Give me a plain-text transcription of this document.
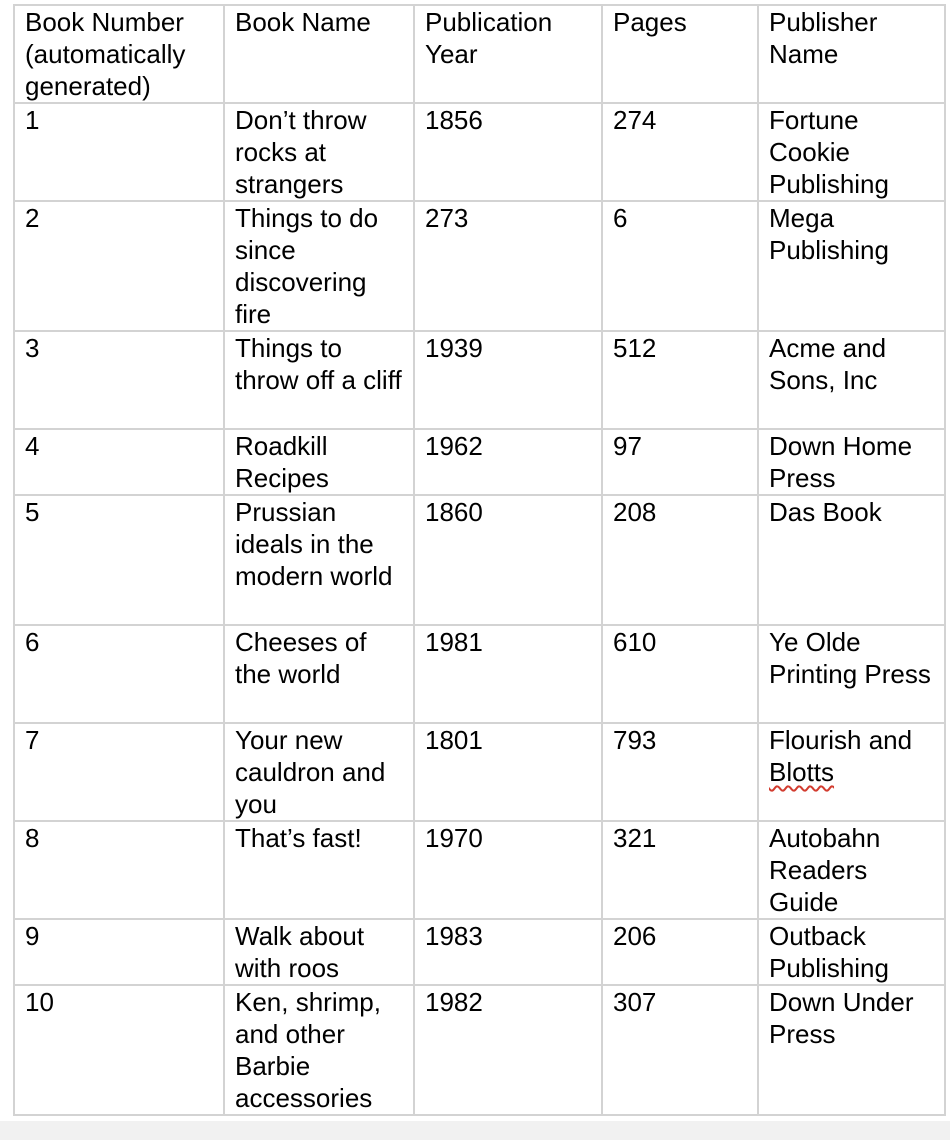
Book Number (automatically generated)	Book Name	Publication Year	Pages	Publisher Name
1	Don’t throw rocks at strangers	1856	274	Fortune Cookie Publishing
2	Things to do since discovering fire	273	6	Mega Publishing
3	Things to throw off a cliff	1939	512	Acme and Sons, Inc
4	Roadkill Recipes	1962	97	Down Home Press
5	Prussian ideals in the modern world	1860	208	Das Book
6	Cheeses of the world	1981	610	Ye Olde Printing Press
7	Your new cauldron and you	1801	793	Flourish and Blotts
8	That’s fast!	1970	321	Autobahn Readers Guide
9	Walk about with roos	1983	206	Outback Publishing
10	Ken, shrimp, and other Barbie accessories	1982	307	Down Under Press
